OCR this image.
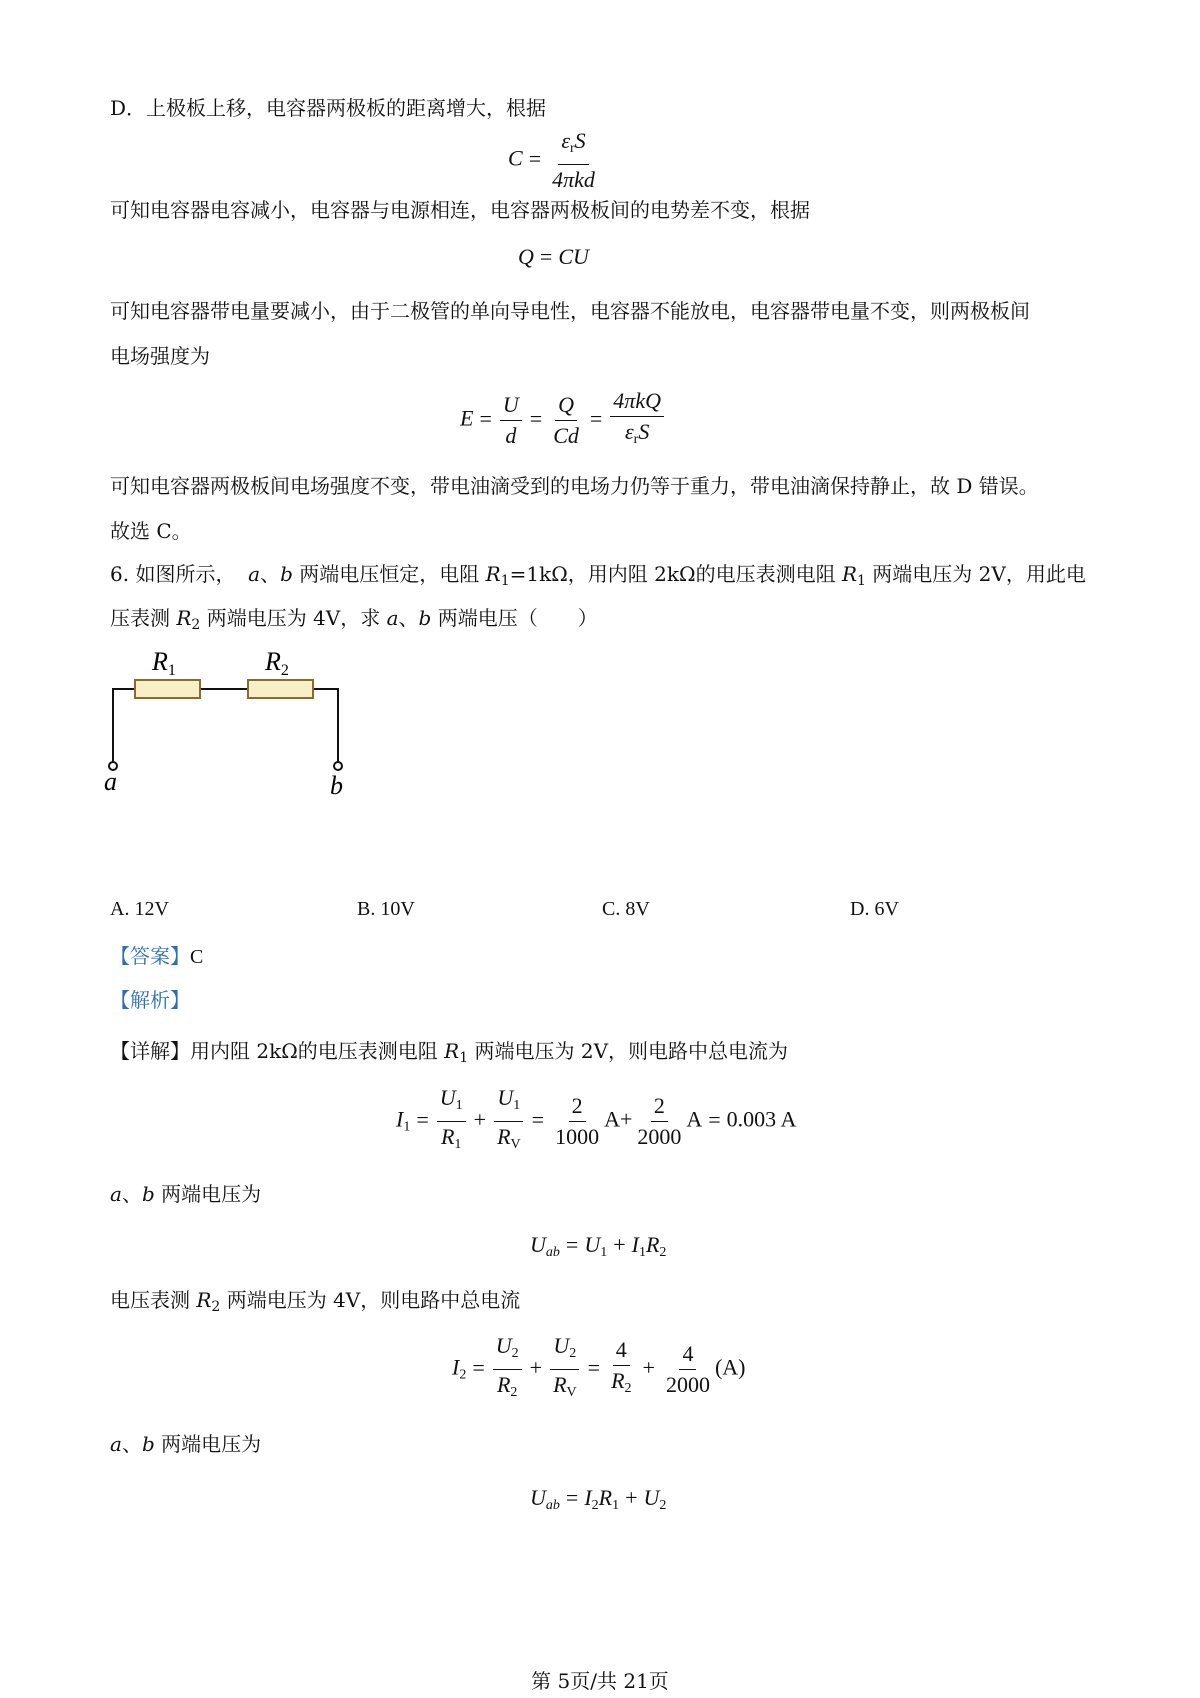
D．上极板上移，电容器两极板的距离增大，根据
$C = \frac{\varepsilon_rS}{\text{4πkd}}$
可知电容器电容减小，电容器与电源相连，电容器两极板间的电势差不变，根据
Q = CU
可知电容器带电量要减小，由于二极管的单向导电性，电容器不能放电，电容器带电量不变，则两极板间
电场强度为
$E = \frac{U}{d} = \frac{Q}{Cd} = \frac{\text{4πkQ}}{\varepsilon_rS}$
可知电容器两极板间电场强度不变，带电油滴受到的电场力仍等于重力，带电油滴保持静止，故 D 错误。
故选 C。
6. 如图所示， a、b 两端电压恒定，电阻 $R_1=1k\Omega$，用内阻 2kΩ的电压表测电阻 $R_1$ 两端电压为 2V，用此电
压表测 $R_2$ 两端电压为 4V，求 a、b 两端电压（　　）
R1	R2
a	b
A. 12V	B. 10V	C. 8V	D. 6V
【答案】C
【解析】
【详解】用内阻 2kΩ的电压表测电阻 $R_1$ 两端电压为 2V，则电路中总电流为
$I_1 = \frac{U_1}{R_1} + \frac{U_1}{R_V} = \frac{2}{1000} A+ \frac{2}{2000}$ A = 0.003 A
a、b 两端电压为
$U_{ab} = U_1 + I_1R_2$
电压表测 $R_2$ 两端电压为 4V，则电路中总电流
$I_2 = \frac{U_2}{R_2} + \frac{U_2}{R_V} = \frac{4}{R_2} + \frac{4}{2000} (A)$
a、b 两端电压为
$U_{ab} = I_2R_1 + U_2$
第 5页/共 21页
